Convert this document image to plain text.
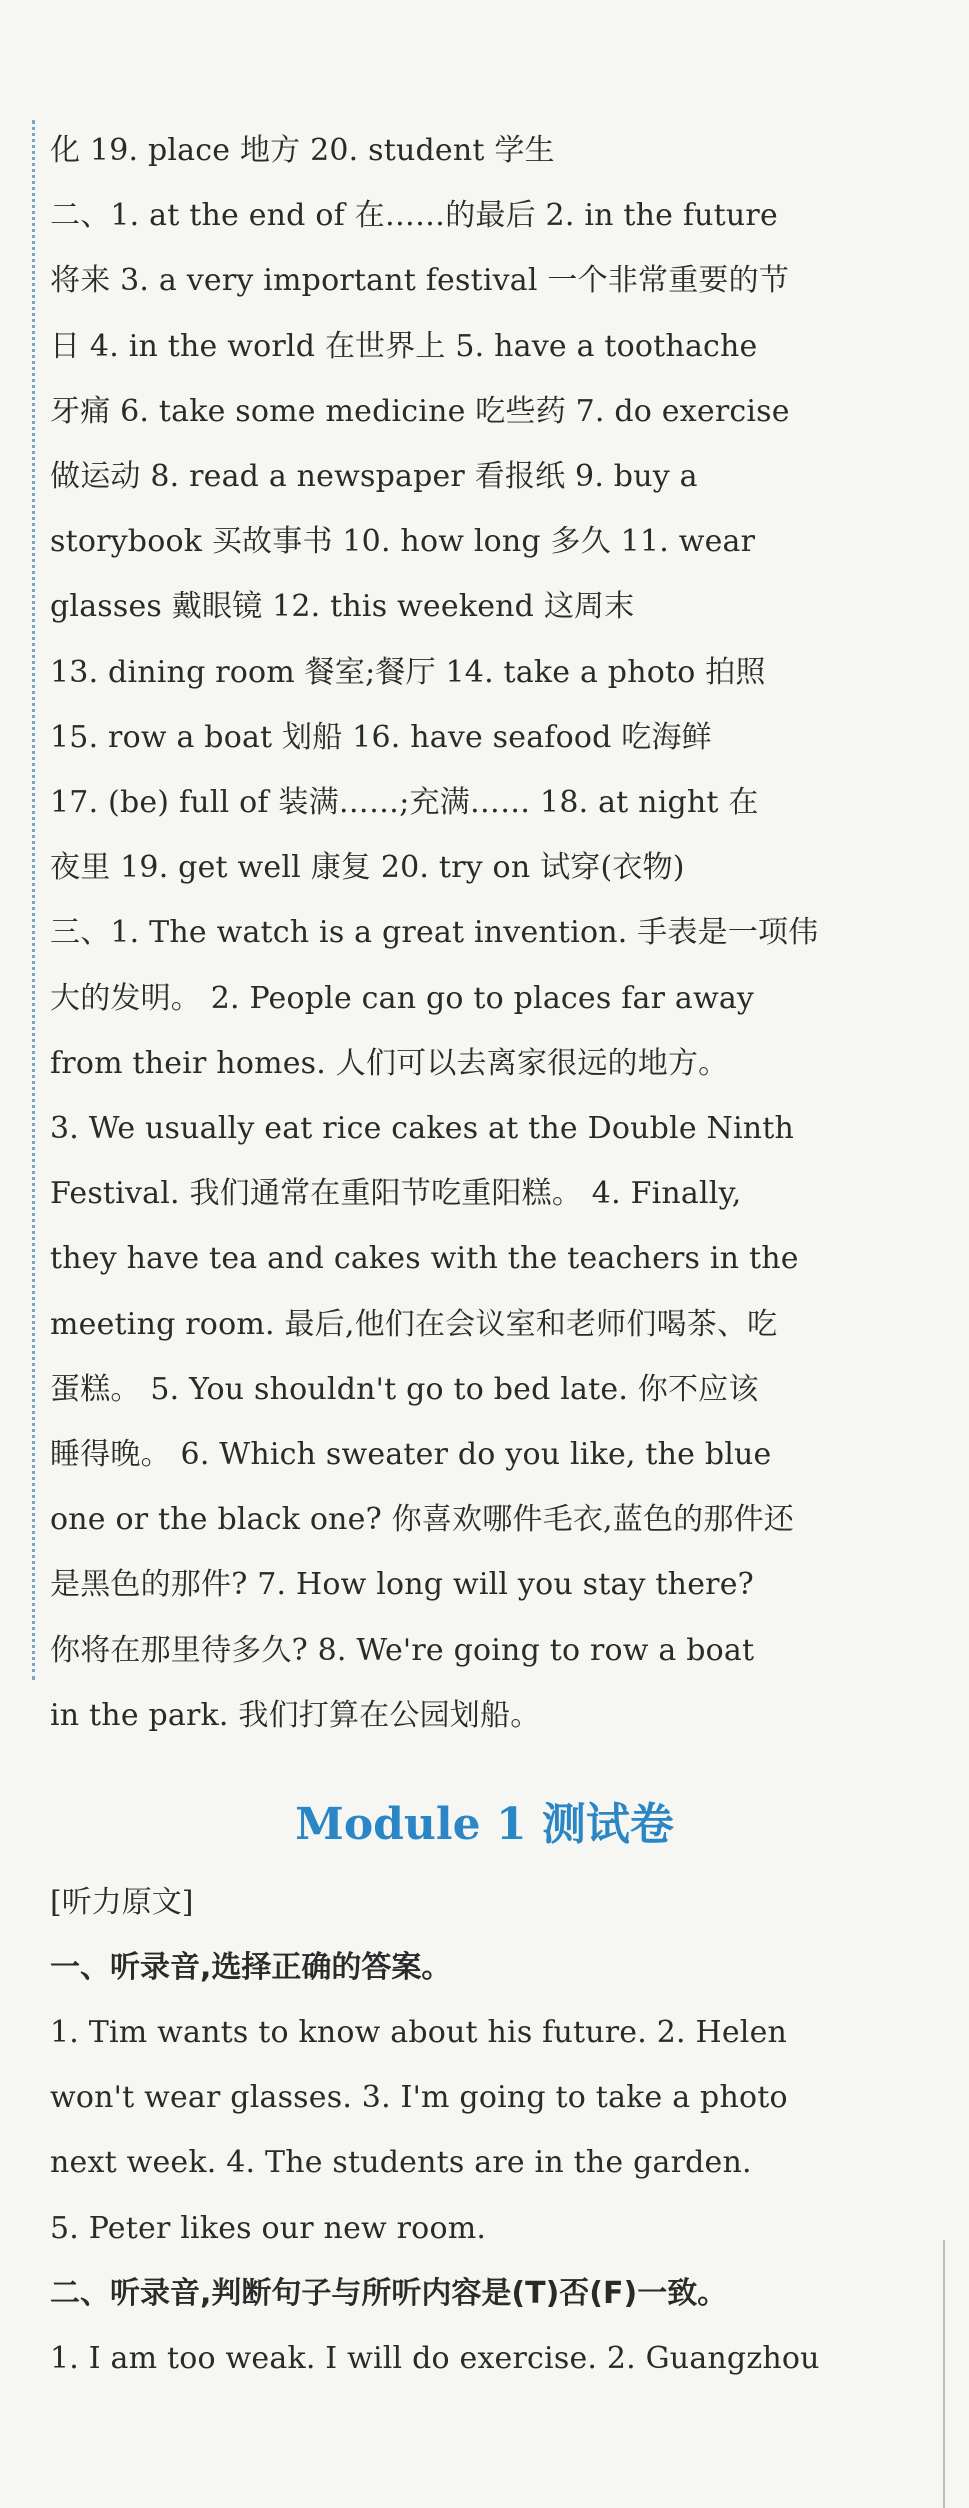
化 19. place 地方 20. student 学生
二、1. at the end of 在……的最后 2. in the future
将来 3. a very important festival 一个非常重要的节
日 4. in the world 在世界上 5. have a toothache
牙痛 6. take some medicine 吃些药 7. do exercise
做运动 8. read a newspaper 看报纸 9. buy a
storybook 买故事书 10. how long 多久 11. wear
glasses 戴眼镜 12. this weekend 这周末
13. dining room 餐室;餐厅 14. take a photo 拍照
15. row a boat 划船 16. have seafood 吃海鲜
17. (be) full of 装满……;充满…… 18. at night 在
夜里 19. get well 康复 20. try on 试穿(衣物)
三、1. The watch is a great invention. 手表是一项伟
大的发明。 2. People can go to places far away
from their homes. 人们可以去离家很远的地方。
3. We usually eat rice cakes at the Double Ninth
Festival. 我们通常在重阳节吃重阳糕。 4. Finally,
they have tea and cakes with the teachers in the
meeting room. 最后,他们在会议室和老师们喝茶、吃
蛋糕。 5. You shouldn't go to bed late. 你不应该
睡得晚。 6. Which sweater do you like, the blue
one or the black one? 你喜欢哪件毛衣,蓝色的那件还
是黑色的那件? 7. How long will you stay there?
你将在那里待多久? 8. We're going to row a boat
in the park. 我们打算在公园划船。
Module 1 测试卷
[听力原文]
一、听录音,选择正确的答案。
1. Tim wants to know about his future. 2. Helen
won't wear glasses. 3. I'm going to take a photo
next week. 4. The students are in the garden.
5. Peter likes our new room.
二、听录音,判断句子与所听内容是(T)否(F)一致。
1. I am too weak. I will do exercise. 2. Guangzhou
